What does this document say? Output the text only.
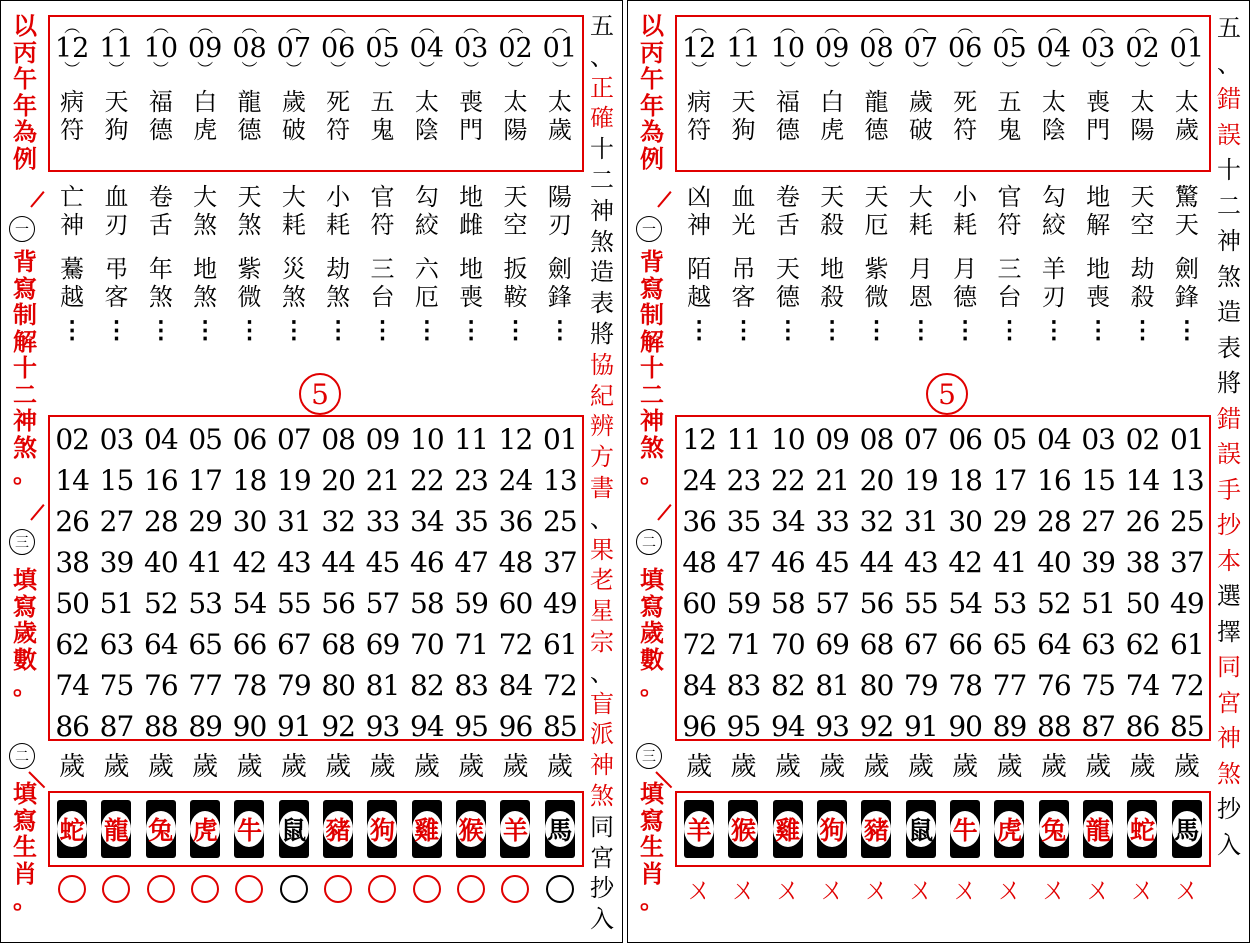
以
丙
午
年
為
例
一
背
寫
制
解
十
二
神
煞
。
三
填
寫
歲
數
。
二
填
寫
生
肖
。
五
、
正
確
十
二
神
煞
造
表
將
協
紀
辨
方
書
、
果
老
星
宗
、
盲
派
神
煞
同
宮
抄
入
︵
12
︶
病符
︵
11
︶
天狗
︵
10
︶
福德
︵
09
︶
白虎
︵
08
︶
龍德
︵
07
︶
歲破
︵
06
︶
死符
︵
05
︶
五鬼
︵
04
︶
太陰
︵
03
︶
喪門
︵
02
︶
太陽
︵
01
︶
太歲
亡神
驀越
⋮
血刃
弔客
⋮
卷舌
年煞
⋮
大煞
地煞
⋮
天煞
紫微
⋮
大耗
災煞
⋮
小耗
劫煞
⋮
官符
三台
⋮
勾絞
六厄
⋮
地雌
地喪
⋮
天空
扳鞍
⋮
陽刃
劍鋒
⋮
5
02 03 04 05 06 07 08 09 10 11 12 01
14 15 16 17 18 19 20 21 22 23 24 13
26 27 28 29 30 31 32 33 34 35 36 25
38 39 40 41 42 43 44 45 46 47 48 37
50 51 52 53 54 55 56 57 58 59 60 49
62 63 64 65 66 67 68 69 70 71 72 61
74 75 76 77 78 79 80 81 82 83 84 72
86 87 88 89 90 91 92 93 94 95 96 85
歲 歲 歲 歲 歲 歲 歲 歲 歲 歲 歲 歲
蛇 龍 兔 虎 牛 鼠 豬 狗 雞 猴 羊 馬
以
丙
午
年
為
例
一
背
寫
制
解
十
二
神
煞
。
二
填
寫
歲
數
。
三
填
寫
生
肖
。
五
、
錯
誤
十
二
神
煞
造
表
將
錯
誤
手
抄
本
選
擇
同
宮
神
煞
抄
入
︵
12
︶
病符
︵
11
︶
天狗
︵
10
︶
福德
︵
09
︶
白虎
︵
08
︶
龍德
︵
07
︶
歲破
︵
06
︶
死符
︵
05
︶
五鬼
︵
04
︶
太陰
︵
03
︶
喪門
︵
02
︶
太陽
︵
01
︶
太歲
凶神
陌越
⋮
血光
吊客
⋮
卷舌
天德
⋮
天殺
地殺
⋮
天厄
紫微
⋮
大耗
月恩
⋮
小耗
月德
⋮
官符
三台
⋮
勾絞
羊刃
⋮
地解
地喪
⋮
天空
劫殺
⋮
驚天
劍鋒
⋮
5
12 11 10 09 08 07 06 05 04 03 02 01
24 23 22 21 20 19 18 17 16 15 14 13
36 35 34 33 32 31 30 29 28 27 26 25
48 47 46 45 44 43 42 41 40 39 38 37
60 59 58 57 56 55 54 53 52 51 50 49
72 71 70 69 68 67 66 65 64 63 62 61
84 83 82 81 80 79 78 77 76 75 74 72
96 95 94 93 92 91 90 89 88 87 86 85
歲 歲 歲 歲 歲 歲 歲 歲 歲 歲 歲 歲
羊 猴 雞 狗 豬 鼠 牛 虎 兔 龍 蛇 馬
ㄨ ㄨ ㄨ ㄨ ㄨ ㄨ ㄨ ㄨ ㄨ ㄨ ㄨ ㄨ
